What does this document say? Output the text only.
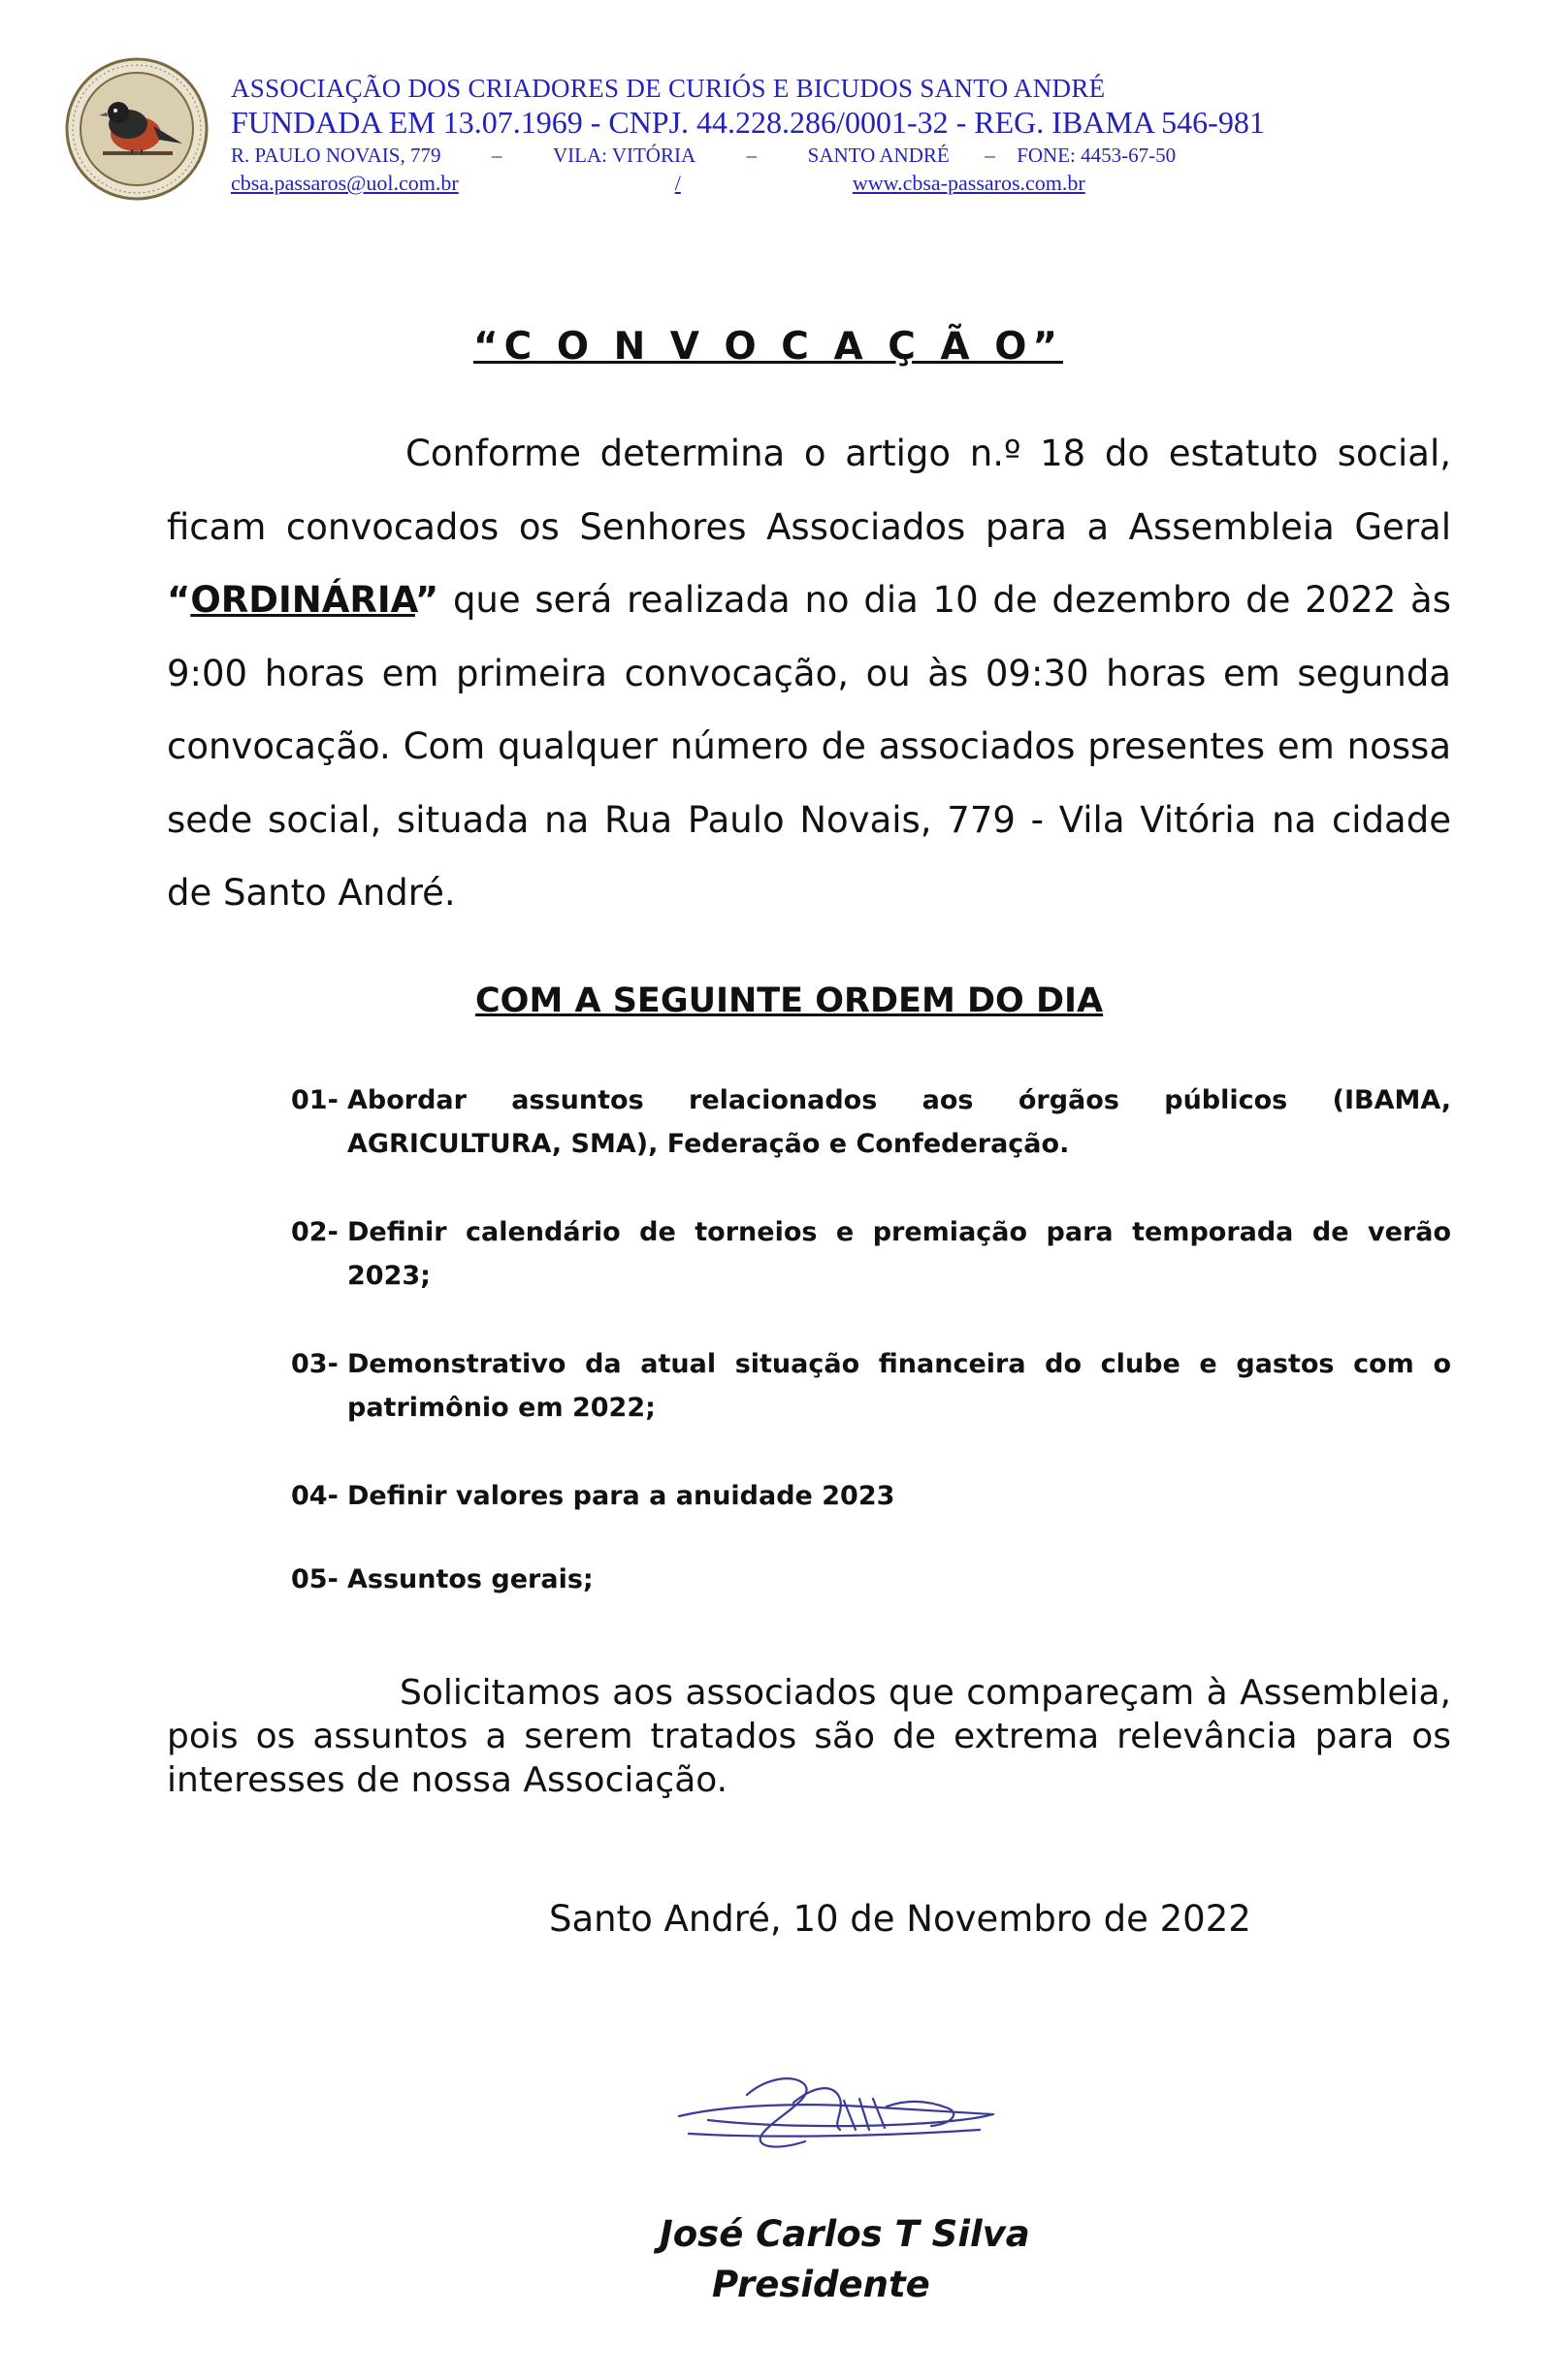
ASSOCIAÇÃO DOS CRIADORES DE CURIÓS E BICUDOS SANTO ANDRÉ
FUNDADA EM 13.07.1969 - CNPJ. 44.228.286/0001-32 - REG. IBAMA 546-981
R. PAULO NOVAIS, 779	–	VILA: VITÓRIA	–	SANTO ANDRÉ – FONE: 4453-67-50
cbsa.passaros@uol.com.br	/	www.cbsa-passaros.com.br
“C O N V O C A Ç Ã O”
Conforme determina o artigo n.º 18 do estatuto social, ficam convocados os Senhores Associados para a Assembleia Geral “ORDINÁRIA” que será realizada no dia 10 de dezembro de 2022 às 9:00 horas em primeira convocação, ou às 09:30 horas em segunda convocação. Com qualquer número de associados presentes em nossa sede social, situada na Rua Paulo Novais, 779 - Vila Vitória na cidade de Santo André.
COM A SEGUINTE ORDEM DO DIA
01- Abordar assuntos relacionados aos órgãos públicos (IBAMA, AGRICULTURA, SMA), Federação e Confederação.
02- Definir calendário de torneios e premiação para temporada de verão 2023;
03- Demonstrativo da atual situação financeira do clube e gastos com o patrimônio em 2022;
04- Definir valores para a anuidade 2023
05- Assuntos gerais;
Solicitamos aos associados que compareçam à Assembleia, pois os assuntos a serem tratados são de extrema relevância para os interesses de nossa Associação.
Santo André, 10 de Novembro de 2022
José Carlos T Silva
Presidente
